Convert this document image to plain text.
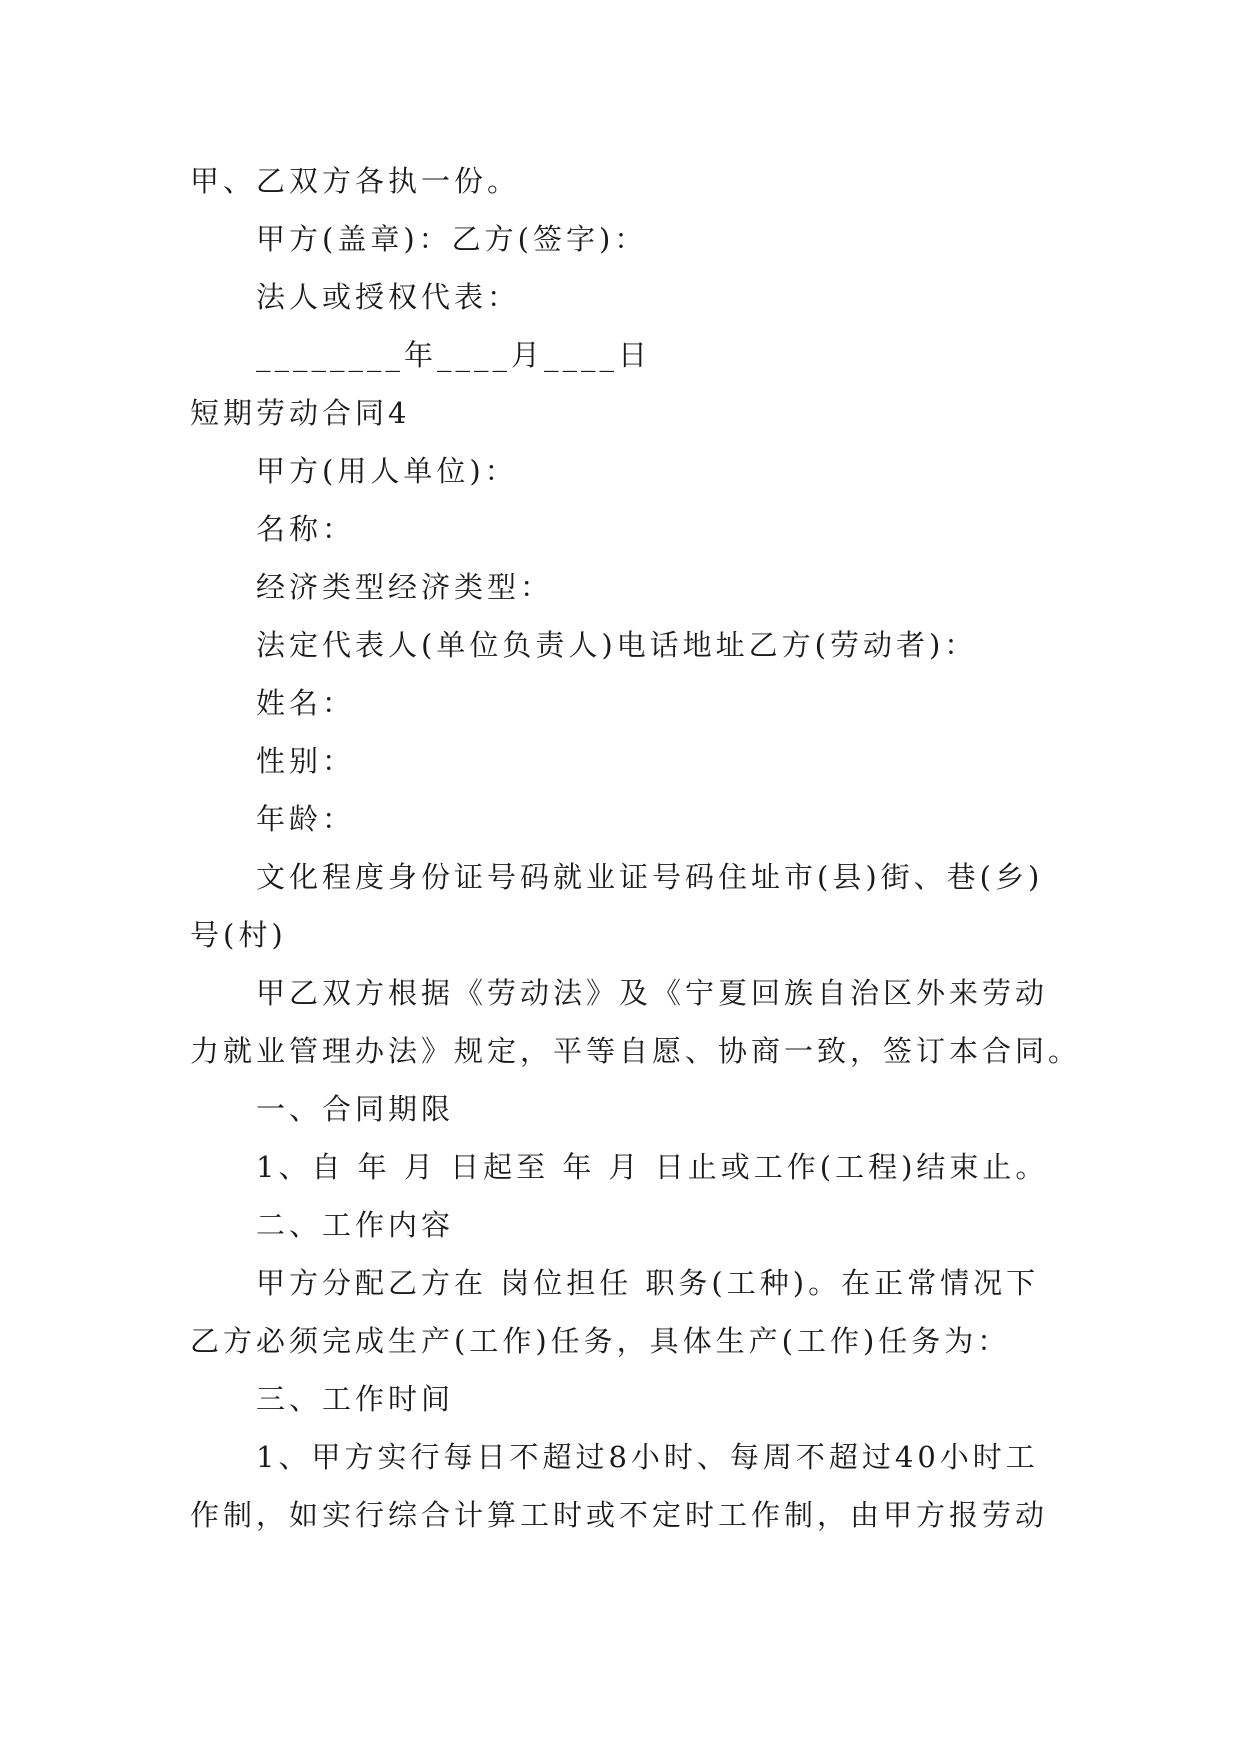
甲、乙双方各执一份。
甲方(盖章)：乙方(签字)：
法人或授权代表：
________年____月____日
短期劳动合同4
甲方(用人单位)：
名称：
经济类型经济类型：
法定代表人(单位负责人)电话地址乙方(劳动者)：
姓名：
性别：
年龄：
文化程度身份证号码就业证号码住址市(县)街、巷(乡)
号(村)
甲乙双方根据《劳动法》及《宁夏回族自治区外来劳动
力就业管理办法》规定，平等自愿、协商一致，签订本合同。
一、合同期限
1、自 年 月 日起至 年 月 日止或工作(工程)结束止。
二、工作内容
甲方分配乙方在 岗位担任 职务(工种)。在正常情况下
乙方必须完成生产(工作)任务，具体生产(工作)任务为：
三、工作时间
1、甲方实行每日不超过8小时、每周不超过40小时工
作制，如实行综合计算工时或不定时工作制，由甲方报劳动
